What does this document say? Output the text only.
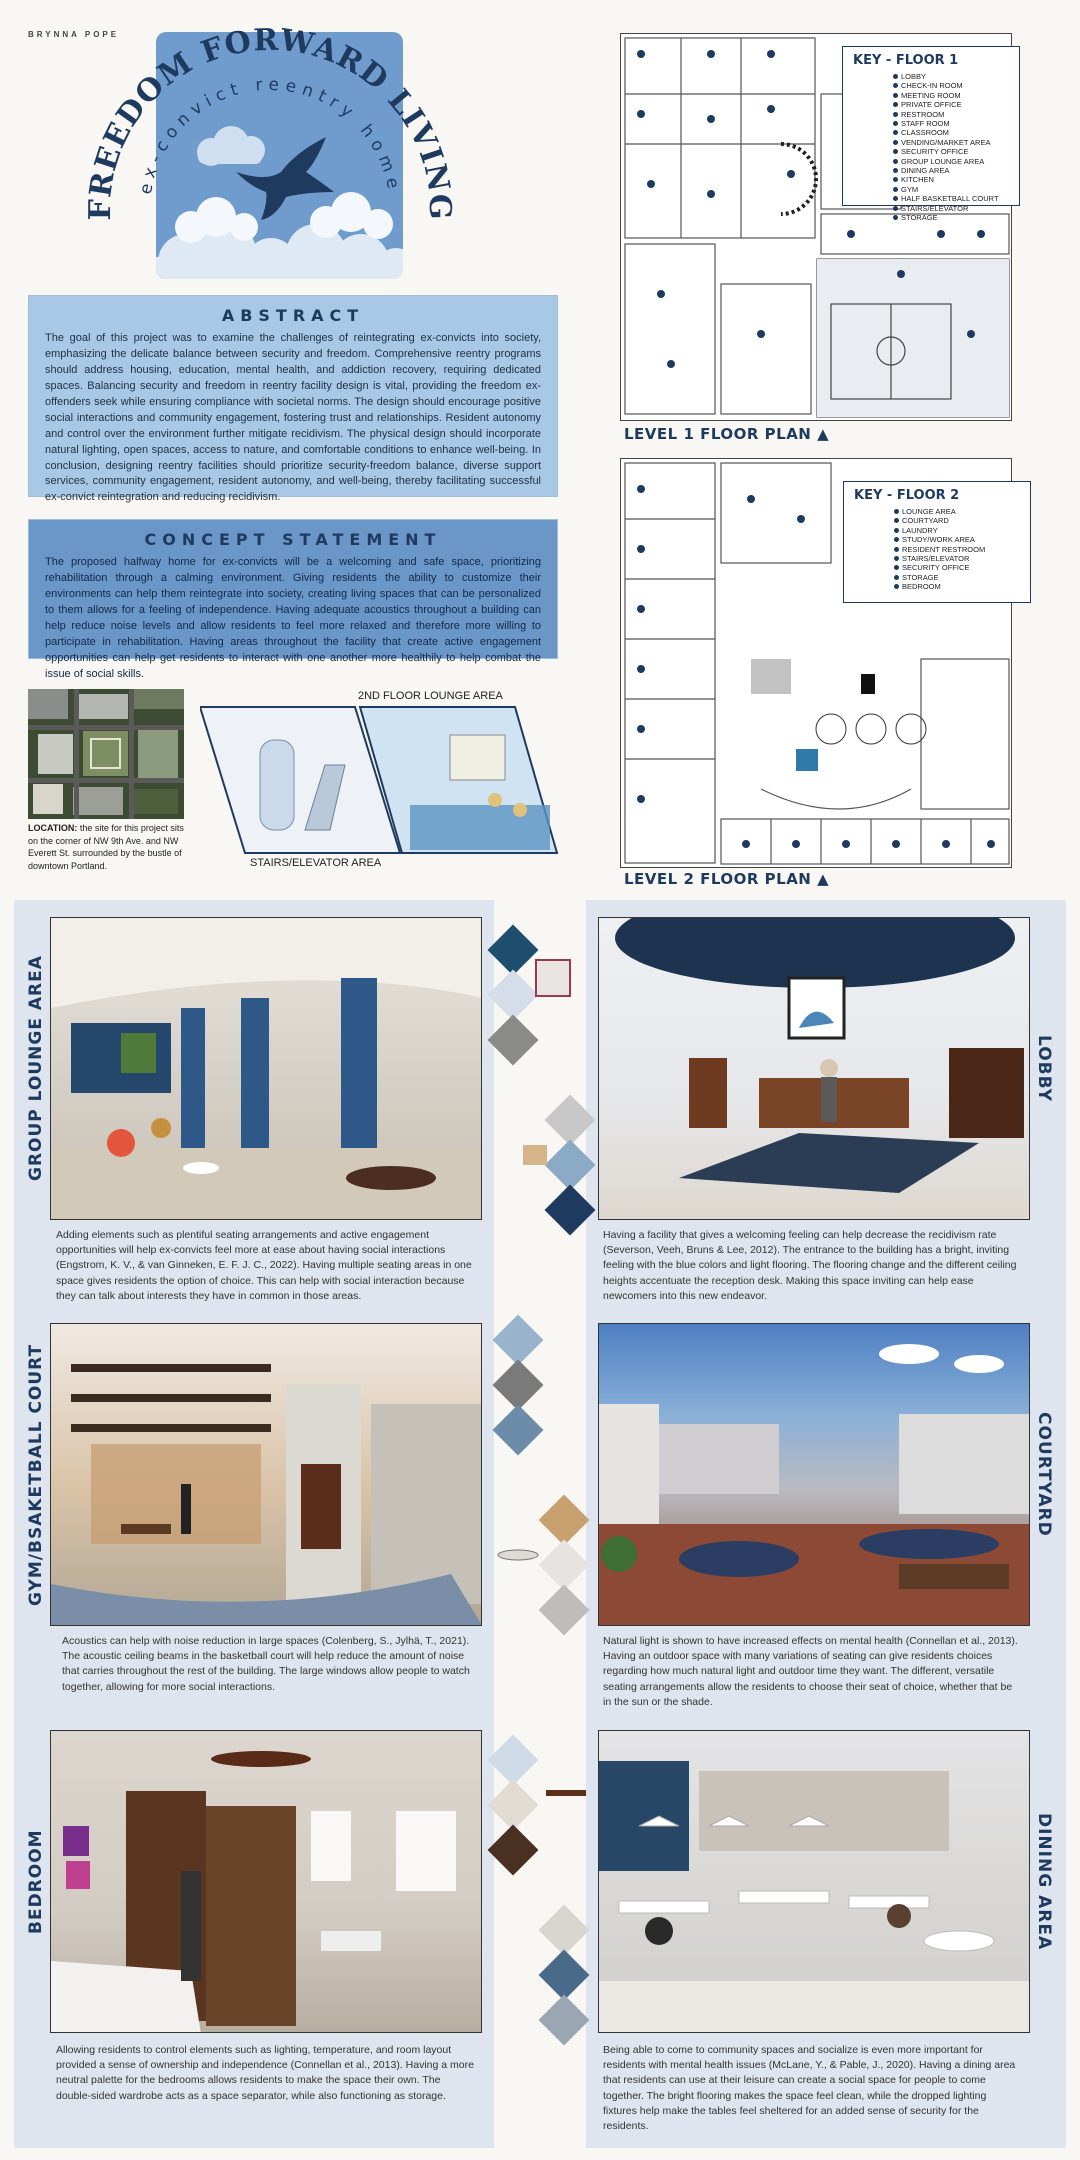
BRYNNA POPE
FREEDOM FORWARD LIVING
ex-convict reentry home
ABSTRACT

The goal of this project was to examine the challenges of reintegrating ex-convicts into society, emphasizing the delicate balance between security and freedom. Comprehensive reentry programs should address housing, education, mental health, and addiction recovery, requiring dedicated spaces. Balancing security and freedom in reentry facility design is vital, providing the freedom ex-offenders seek while ensuring compliance with societal norms. The design should encourage positive social interactions and community engagement, fostering trust and relationships. Resident autonomy and control over the environment further mitigate recidivism. The physical design should incorporate natural lighting, open spaces, access to nature, and comfortable conditions to enhance well-being. In conclusion, designing reentry facilities should prioritize security-freedom balance, diverse support services, community engagement, resident autonomy, and well-being, thereby facilitating successful ex-convict reintegration and reducing recidivism.

CONCEPT STATEMENT

The proposed halfway home for ex-convicts will be a welcoming and safe space, prioritizing rehabilitation through a calming environment. Giving residents the ability to customize their environments can help them reintegrate into society, creating living spaces that can be personalized to them allows for a feeling of independence. Having adequate acoustics throughout a building can help reduce noise levels and allow residents to feel more relaxed and therefore more willing to participate in rehabilitation. Having areas throughout the facility that create active engagement opportunities can help get residents to interact with one another more healthily to help combat the issue of social skills.

LOCATION: the site for this project sits on the corner of NW 9th Ave. and NW Everett St. surrounded by the bustle of downtown Portland.
2ND FLOOR LOUNGE AREA
STAIRS/ELEVATOR AREA
KEY - FLOOR 1
LOBBY
CHECK-IN ROOM
MEETING ROOM
PRIVATE OFFICE
RESTROOM
STAFF ROOM
CLASSROOM
VENDING/MARKET AREA
SECURITY OFFICE
GROUP LOUNGE AREA
DINING AREA
KITCHEN
GYM
HALF BASKETBALL COURT
STAIRS/ELEVATOR
STORAGE
LEVEL 1 FLOOR PLAN ▲
KEY - FLOOR 2
LOUNGE AREA
COURTYARD
LAUNDRY
STUDY/WORK AREA
RESIDENT RESTROOM
STAIRS/ELEVATOR
SECURITY OFFICE
STORAGE
BEDROOM
LEVEL 2 FLOOR PLAN ▲
GROUP LOUNGE AREA
Adding elements such as plentiful seating arrangements and active engagement opportunities will help ex-convicts feel more at ease about having social interactions (Engstrom, K. V., & van Ginneken, E. F. J. C., 2022). Having multiple seating areas in one space gives residents the option of choice. This can help with social interaction because they can talk about interests they have in common in those areas.
LOBBY
Having a facility that gives a welcoming feeling can help decrease the recidivism rate (Severson, Veeh, Bruns & Lee, 2012). The entrance to the building has a bright, inviting feeling with the blue colors and light flooring. The flooring change and the different ceiling heights accentuate the reception desk. Making this space inviting can help ease newcomers into this new endeavor.
GYM/BSAKETBALL COURT
Acoustics can help with noise reduction in large spaces (Colenberg, S., Jylhä, T., 2021). The acoustic ceiling beams in the basketball court will help reduce the amount of noise that carries throughout the rest of the building. The large windows allow people to watch together, allowing for more social interactions.
COURTYARD
Natural light is shown to have increased effects on mental health (Connellan et al., 2013). Having an outdoor space with many variations of seating can give residents choices regarding how much natural light and outdoor time they want. The different, versatile seating arrangements allow the residents to choose their seat of choice, whether that be in the sun or the shade.
BEDROOM
Allowing residents to control elements such as lighting, temperature, and room layout provided a sense of ownership and independence (Connellan et al., 2013). Having a more neutral palette for the bedrooms allows residents to make the space their own. The double-sided wardrobe acts as a space separator, while also functioning as storage.
DINING AREA
Being able to come to community spaces and socialize is even more important for residents with mental health issues (McLane, Y., & Pable, J., 2020). Having a dining area that residents can use at their leisure can create a social space for people to come together. The bright flooring makes the space feel clean, while the dropped lighting fixtures help make the tables feel sheltered for an added sense of security for the residents.
